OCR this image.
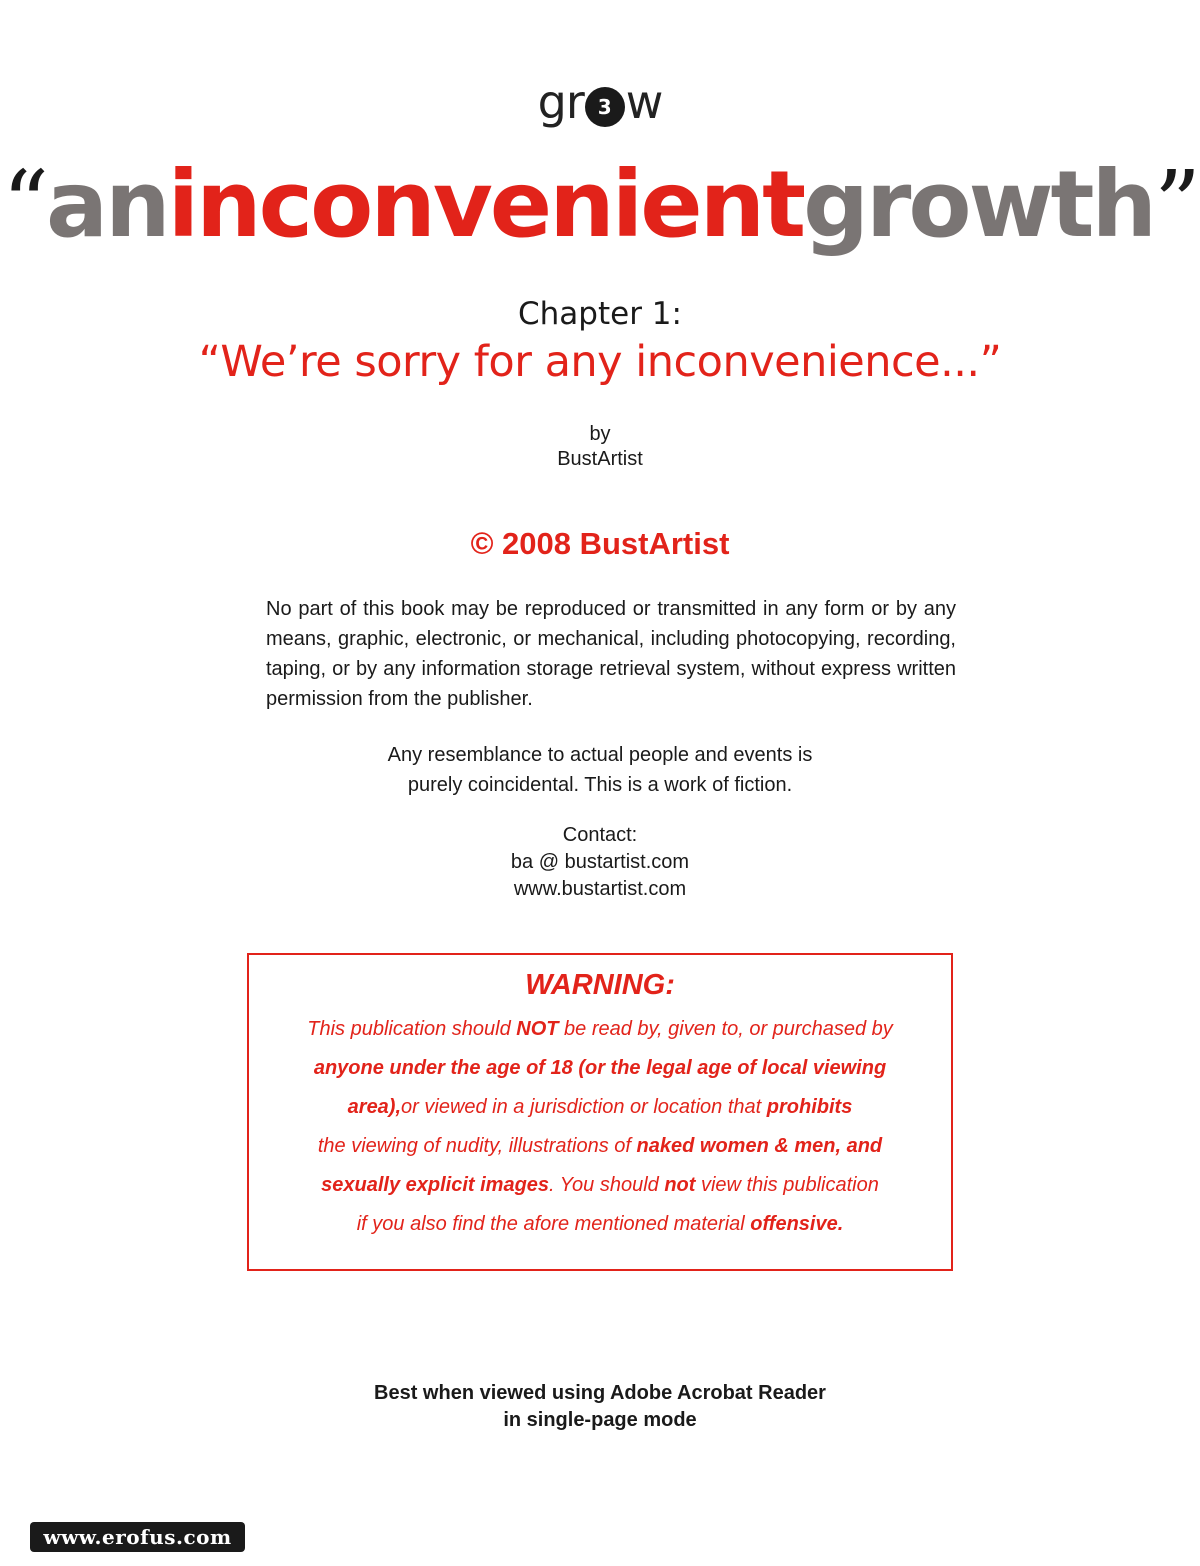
gr 3 w
“aninconvenientgrowth”
Chapter 1:
“We’re sorry for any inconvenience...”
by
BustArtist
© 2008 BustArtist
No part of this book may be reproduced or transmitted in any form or by any means, graphic, electronic, or mechanical, including photocopying, recording, taping, or by any information storage retrieval system, without express written permission from the publisher.
Any resemblance to actual people and events is
purely coincidental. This is a work of fiction.
Contact:
ba @ bustartist.com
www.bustartist.com
WARNING:
This publication should NOT be read by, given to, or purchased by
anyone under the age of 18 (or the legal age of local viewing
area),or viewed in a jurisdiction or location that prohibits
the viewing of nudity, illustrations of naked women & men, and
sexually explicit images. You should not view this publication
if you also find the afore mentioned material offensive.
Best when viewed using Adobe Acrobat Reader
in single-page mode
www.erofus.com
